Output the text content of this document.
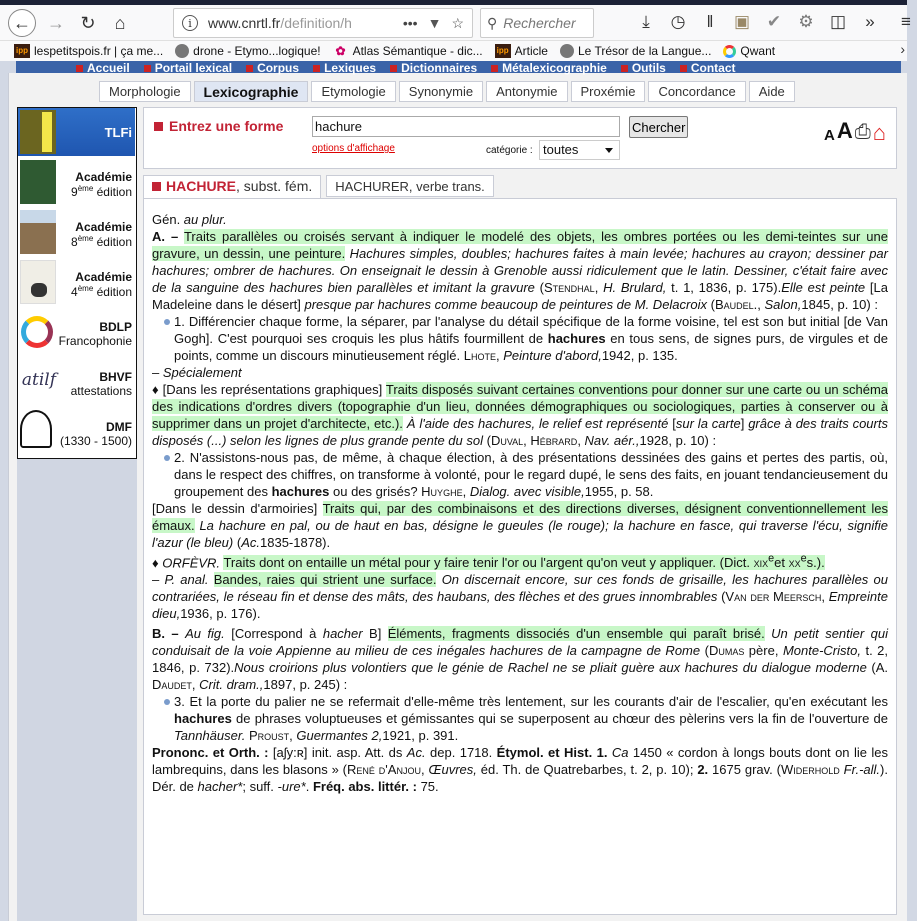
← → ↻	⌂	i	www.cnrtl.fr/definition/h	••• ▼ ☆ ⚲ Rechercher	⤓	◷	‖	▣ ✔ ⚙ ◫	»	≡
ipp lespetitspois.fr | ça me...	drone - Etymo...logique! ✿ Atlas Sémantique - dic... ipp Article	Le Trésor de la Langue... Qwant	›
Accueil	Portail lexical	Corpus	Lexiques	Dictionnaires	Métalexicographie	Outils	Contact
Morphologie	Lexicographie	Etymologie	Synonymie	Antonymie	Proxémie	Concordance	Aide
TLFi
Académie
9ème édition
Académie
8ème édition
Académie
4ème édition
BDLP
Francophonie
atilf	BHVF
attestations
DMF
(1330 - 1500)
Entrez une forme
hachure	Chercher
options d'affichage	catégorie : toutes
A A ⎙ ⌂
HACHURE, subst. fém.	HACHURER, verbe trans.

Gén. au plur.

A. – Traits parallèles ou croisés servant à indiquer le modelé des objets, les ombres portées ou les demi-teintes sur une gravure, un dessin, une peinture. Hachures simples, doubles; hachures faites à main levée; hachures au crayon; dessiner par hachures; ombrer de hachures. On enseignait le dessin à Grenoble aussi ridiculement que le latin. Dessiner, c'était faire avec de la sanguine des hachures bien parallèles et imitant la gravure (Stendhal, H. Brulard, t. 1, 1836, p. 175).Elle est peinte [La Madeleine dans le désert] presque par hachures comme beaucoup de peintures de M. Delacroix (Baudel., Salon,1845, p. 10) :

1. Différencier chaque forme, la séparer, par l'analyse du détail spécifique de la forme voisine, tel est son but initial [de Van Gogh]. C'est pourquoi ses croquis les plus hâtifs fourmillent de hachures en tous sens, de signes purs, de virgules et de points, comme un discours minutieusement réglé. Lhote, Peinture d'abord,1942, p. 135.

– Spécialement

♦ [Dans les représentations graphiques] Traits disposés suivant certaines conventions pour donner sur une carte ou un schéma des indications d'ordres divers (topographie d'un lieu, données démographiques ou sociologiques, parties à conserver ou à supprimer dans un projet d'architecte, etc.). À l'aide des hachures, le relief est représenté [sur la carte] grâce à des traits courts disposés (...) selon les lignes de plus grande pente du sol (Duval, Hébrard, Nav. aér.,1928, p. 10) :

2. N'assistons-nous pas, de même, à chaque élection, à des présentations dessinées des gains et pertes des partis, où, dans le respect des chiffres, on transforme à volonté, pour le regard dupé, le sens des faits, en jouant tendancieusement du groupement des hachures ou des grisés? Huyghe, Dialog. avec visible,1955, p. 58.

[Dans le dessin d'armoiries] Traits qui, par des combinaisons et des directions diverses, désignent conventionnellement les émaux. La hachure en pal, ou de haut en bas, désigne le gueules (le rouge); la hachure en fasce, qui traverse l'écu, signifie l'azur (le bleu) (Ac.1835-1878).

♦ ORFÈVR. Traits dont on entaille un métal pour y faire tenir l'or ou l'argent qu'on veut y appliquer. (Dict. xix$^e$et $xx^es$.).

– P. anal. Bandes, raies qui strient une surface. On discernait encore, sur ces fonds de grisaille, les hachures parallèles ou contrariées, le réseau fin et dense des mâts, des haubans, des flèches et des grues innombrables (Van der Meersch, Empreinte dieu,1936, p. 176).

B. – Au fig. [Correspond à hacher B] Éléments, fragments dissociés d'un ensemble qui paraît brisé. Un petit sentier qui conduisait de la voie Appienne au milieu de ces inégales hachures de la campagne de Rome (Dumas père, Monte-Cristo, t. 2, 1846, p. 732).Nous croirions plus volontiers que le génie de Rachel ne se pliait guère aux hachures du dialogue moderne (A. Daudet, Crit. dram.,1897, p. 245) :

3. Et la porte du palier ne se refermait d'elle-même très lentement, sur les courants d'air de l'escalier, qu'en exécutant les hachures de phrases voluptueuses et gémissantes qui se superposent au chœur des pèlerins vers la fin de l'ouverture de Tannhäuser. Proust, Guermantes 2,1921, p. 391.

Prononc. et Orth. : [aʃy:ʀ] init. asp. Att. ds Ac. dep. 1718. Étymol. et Hist. 1. Ca 1450 « cordon à longs bouts dont on lie les lambrequins, dans les blasons » (René d'Anjou, Œuvres, éd. Th. de Quatrebarbes, t. 2, p. 10); 2. 1675 grav. (Widerhold Fr.-all.). Dér. de hacher*; suff. -ure*. Fréq. abs. littér. : 75.
